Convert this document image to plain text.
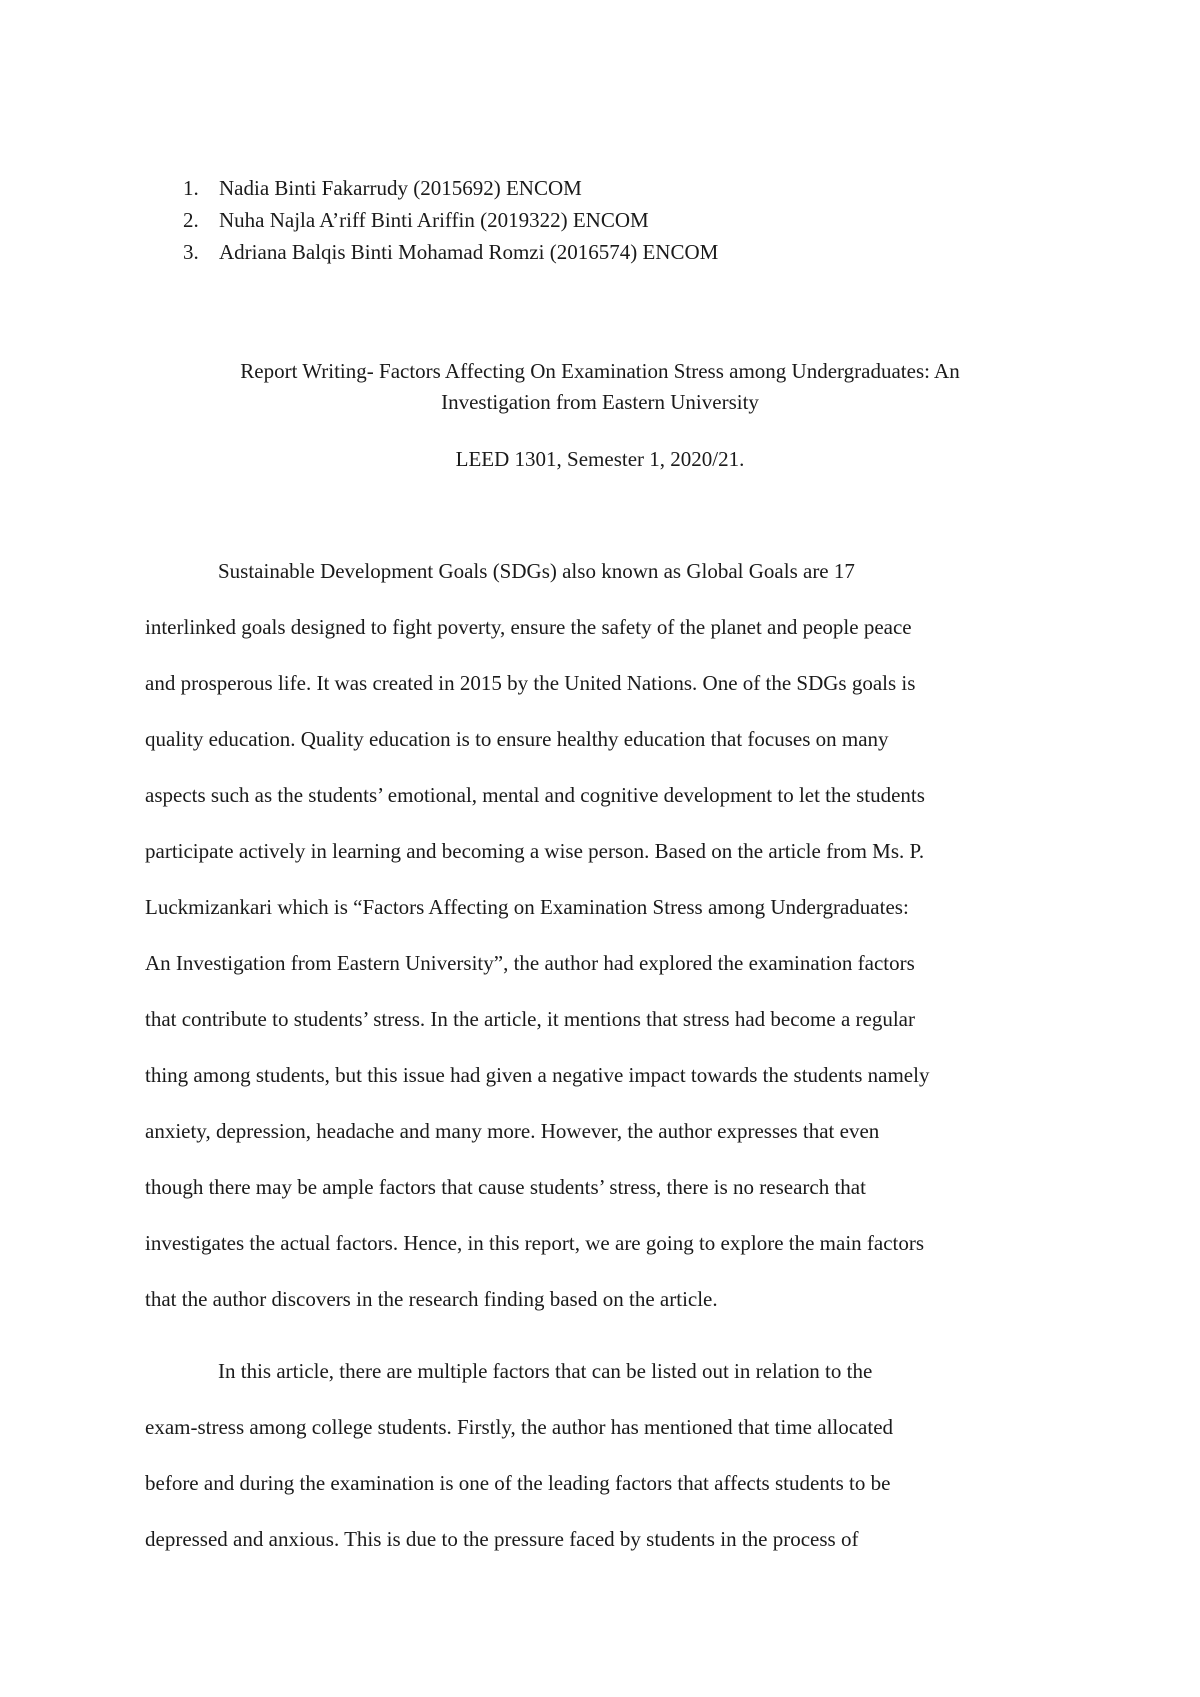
1. Nadia Binti Fakarrudy (2015692) ENCOM
2. Nuha Najla A’riff Binti Ariffin (2019322) ENCOM
3. Adriana Balqis Binti Mohamad Romzi (2016574) ENCOM
Report Writing- Factors Affecting On Examination Stress among Undergraduates: An
Investigation from Eastern University
LEED 1301, Semester 1, 2020/21.
Sustainable Development Goals (SDGs) also known as Global Goals are 17
interlinked goals designed to fight poverty, ensure the safety of the planet and people peace
and prosperous life. It was created in 2015 by the United Nations. One of the SDGs goals is
quality education. Quality education is to ensure healthy education that focuses on many
aspects such as the students’ emotional, mental and cognitive development to let the students
participate actively in learning and becoming a wise person. Based on the article from Ms. P.
Luckmizankari which is “Factors Affecting on Examination Stress among Undergraduates:
An Investigation from Eastern University”, the author had explored the examination factors
that contribute to students’ stress. In the article, it mentions that stress had become a regular
thing among students, but this issue had given a negative impact towards the students namely
anxiety, depression, headache and many more. However, the author expresses that even
though there may be ample factors that cause students’ stress, there is no research that
investigates the actual factors. Hence, in this report, we are going to explore the main factors
that the author discovers in the research finding based on the article.
In this article, there are multiple factors that can be listed out in relation to the
exam-stress among college students. Firstly, the author has mentioned that time allocated
before and during the examination is one of the leading factors that affects students to be
depressed and anxious. This is due to the pressure faced by students in the process of
